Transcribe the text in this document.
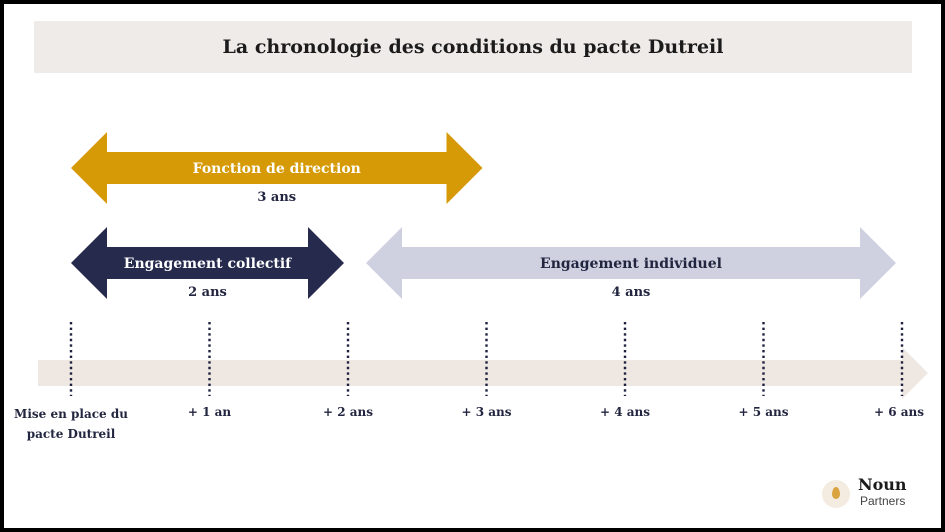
La chronologie des conditions du pacte Dutreil
Mise en place du
pacte Dutreil
+ 1 an	+ 2 ans	+ 3 ans	+ 4 ans	+ 5 ans	+ 6 ans
Fonction de direction
3 ans
Engagement collectif
2 ans
Engagement individuel
4 ans
Noun
Partners
